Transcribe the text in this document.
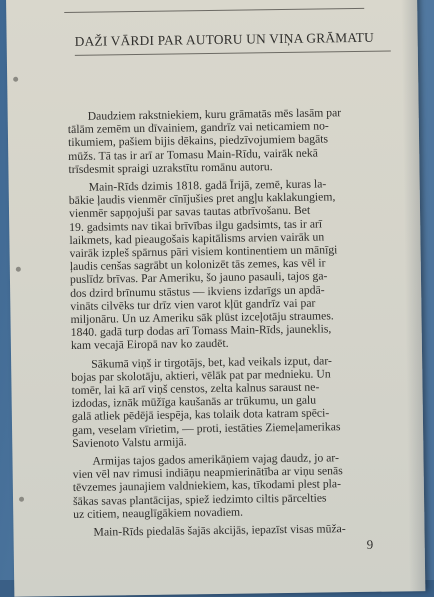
DAŽI VĀRDI PAR AUTORU UN VIŅA GRĀMATU

Daudziem rakstniekiem, kuru grāmatās mēs lasām par
tālām zemēm un dīvainiem, gandrīz vai neticamiem no-
tikumiem, pašiem bijis dēkains, piedzīvojumiem bagāts
mūžs. Tā tas ir arī ar Tomasu Main-Rīdu, vairāk nekā
trīsdesmit spraigi uzrakstītu romānu autoru.

Main-Rīds dzimis 1818. gadā Īrijā, zemē, kuras la-
bākie ļaudis vienmēr cīnījušies pret angļu kaklakungiem,
vienmēr sapņojuši par savas tautas atbrīvošanu. Bet
19. gadsimts nav tikai brīvības ilgu gadsimts, tas ir arī
laikmets, kad pieaugošais kapitālisms arvien vairāk un
vairāk izpleš spārnus pāri visiem kontinentiem un mānīgi
ļaudis cenšas sagrābt un kolonizēt tās zemes, kas vēl ir
puslīdz brīvas. Par Ameriku, šo jauno pasauli, tajos ga-
dos dzird brīnumu stāstus — ikviens izdarīgs un apdā-
vināts cilvēks tur drīz vien varot kļūt gandrīz vai par
miljonāru. Un uz Ameriku sāk plūst izceļotāju straumes.
1840. gadā turp dodas arī Tomass Main-Rīds, jauneklis,
kam vecajā Eiropā nav ko zaudēt.

Sākumā viņš ir tirgotājs, bet, kad veikals izput, dar-
bojas par skolotāju, aktieri, vēlāk pat par mednieku. Un
tomēr, lai kā arī viņš censtos, zelta kalnus saraust ne-
izdodas, iznāk mūžīga kaušanās ar trūkumu, un galu
galā atliek pēdējā iespēja, kas tolaik dota katram spēci-
gam, veselam vīrietim, — proti, iestāties Ziemeļamerikas
Savienoto Valstu armijā.

Armijas tajos gados amerikāņiem vajag daudz, jo ar-
vien vēl nav rimusi indiāņu neapmierinātība ar viņu senās
tēvzemes jaunajiem valdniekiem, kas, tīkodami plest pla-
šākas savas plantācijas, spiež iedzimto ciltis pārcelties
uz citiem, neauglīgākiem novadiem.

Main-Rīds piedalās šajās akcijās, iepazīst visas mūža-

9
